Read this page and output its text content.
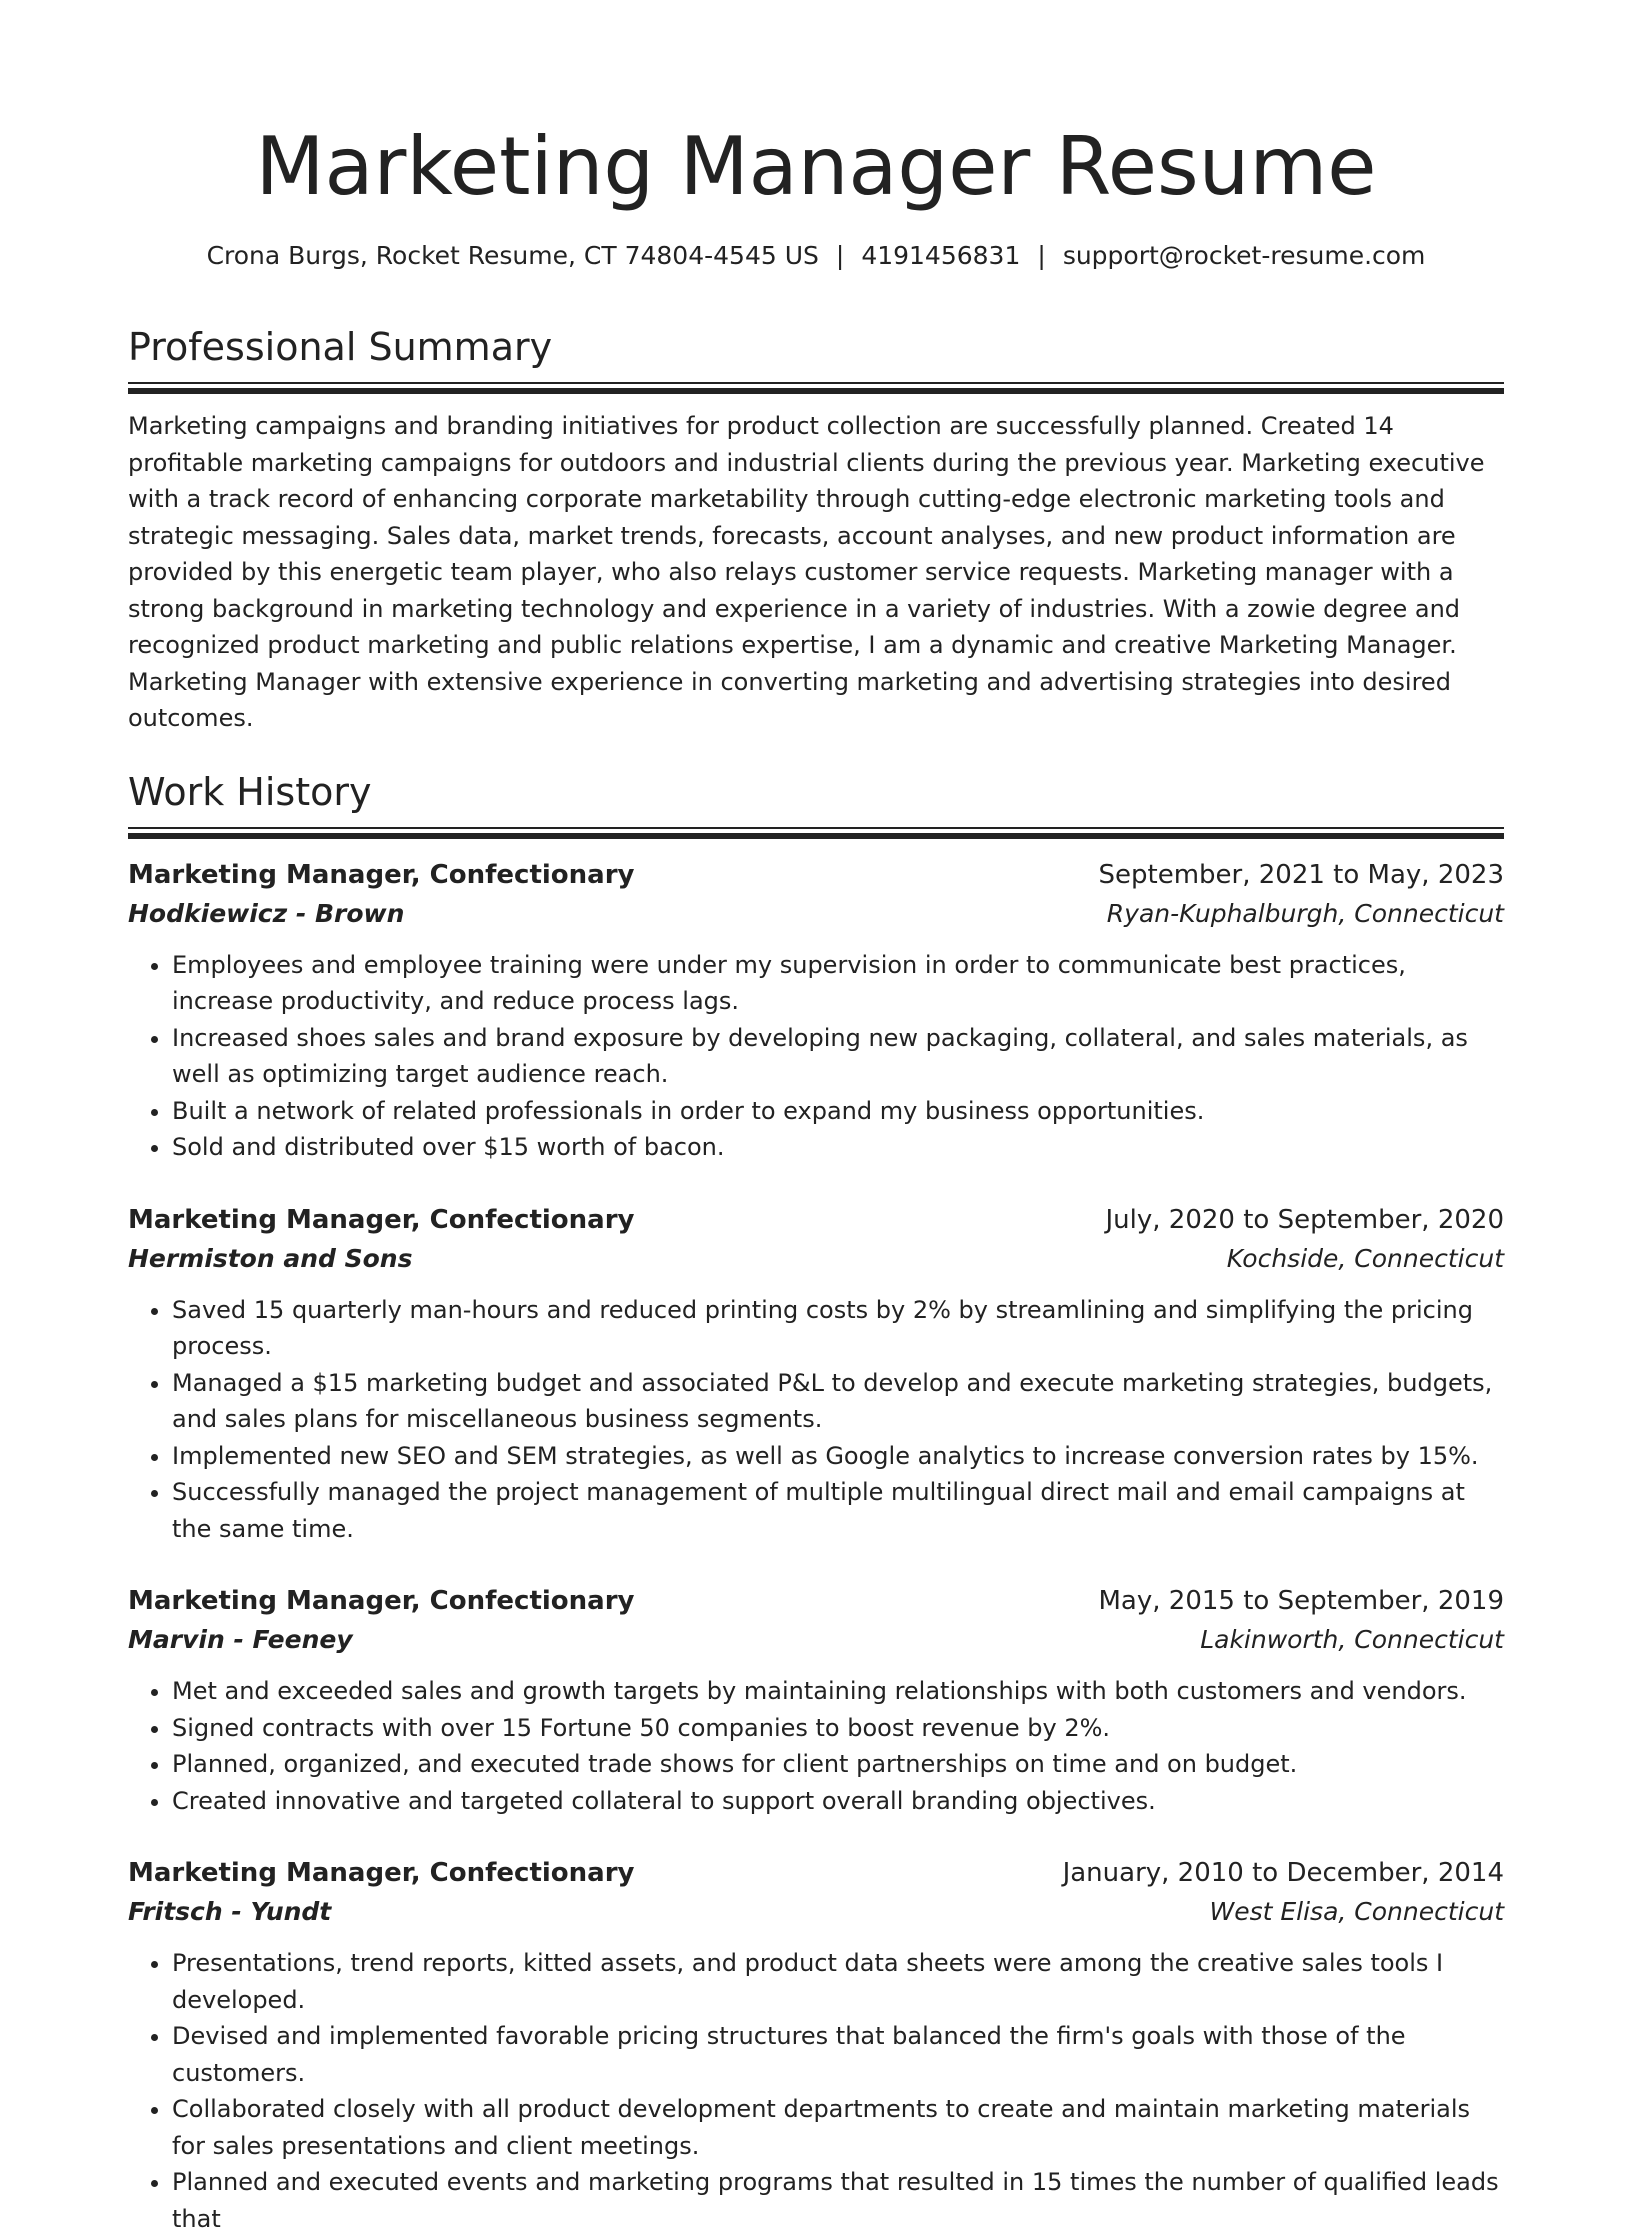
Marketing Manager Resume
Crona Burgs, Rocket Resume, CT 74804-4545 US | 4191456831 | support@rocket-resume.com
Professional Summary

Marketing campaigns and branding initiatives for product collection are successfully planned. Created 14 profitable marketing campaigns for outdoors and industrial clients during the previous year. Marketing executive with a track record of enhancing corporate marketability through cutting-edge electronic marketing tools and strategic messaging. Sales data, market trends, forecasts, account analyses, and new product information are provided by this energetic team player, who also relays customer service requests. Marketing manager with a strong background in marketing technology and experience in a variety of industries. With a zowie degree and recognized product marketing and public relations expertise, I am a dynamic and creative Marketing Manager. Marketing Manager with extensive experience in converting marketing and advertising strategies into desired outcomes.

Work History
Marketing Manager, Confectionary	September, 2021 to May, 2023
Hodkiewicz - Brown	Ryan-Kuphalburgh, Connecticut
• Employees and employee training were under my supervision in order to communicate best practices, increase productivity, and reduce process lags.
• Increased shoes sales and brand exposure by developing new packaging, collateral, and sales materials, as well as optimizing target audience reach.
• Built a network of related professionals in order to expand my business opportunities.
• Sold and distributed over $15 worth of bacon.
Marketing Manager, Confectionary	July, 2020 to September, 2020
Hermiston and Sons	Kochside, Connecticut
• Saved 15 quarterly man-hours and reduced printing costs by 2% by streamlining and simplifying the pricing process.
• Managed a $15 marketing budget and associated P&L to develop and execute marketing strategies, budgets, and sales plans for miscellaneous business segments.
• Implemented new SEO and SEM strategies, as well as Google analytics to increase conversion rates by 15%.
• Successfully managed the project management of multiple multilingual direct mail and email campaigns at the same time.
Marketing Manager, Confectionary	May, 2015 to September, 2019
Marvin - Feeney	Lakinworth, Connecticut
• Met and exceeded sales and growth targets by maintaining relationships with both customers and vendors.
• Signed contracts with over 15 Fortune 50 companies to boost revenue by 2%.
• Planned, organized, and executed trade shows for client partnerships on time and on budget.
• Created innovative and targeted collateral to support overall branding objectives.
Marketing Manager, Confectionary	January, 2010 to December, 2014
Fritsch - Yundt	West Elisa, Connecticut
• Presentations, trend reports, kitted assets, and product data sheets were among the creative sales tools I developed.
• Devised and implemented favorable pricing structures that balanced the firm's goals with those of the customers.
• Collaborated closely with all product development departments to create and maintain marketing materials for sales presentations and client meetings.
• Planned and executed events and marketing programs that resulted in 15 times the number of qualified leads that
